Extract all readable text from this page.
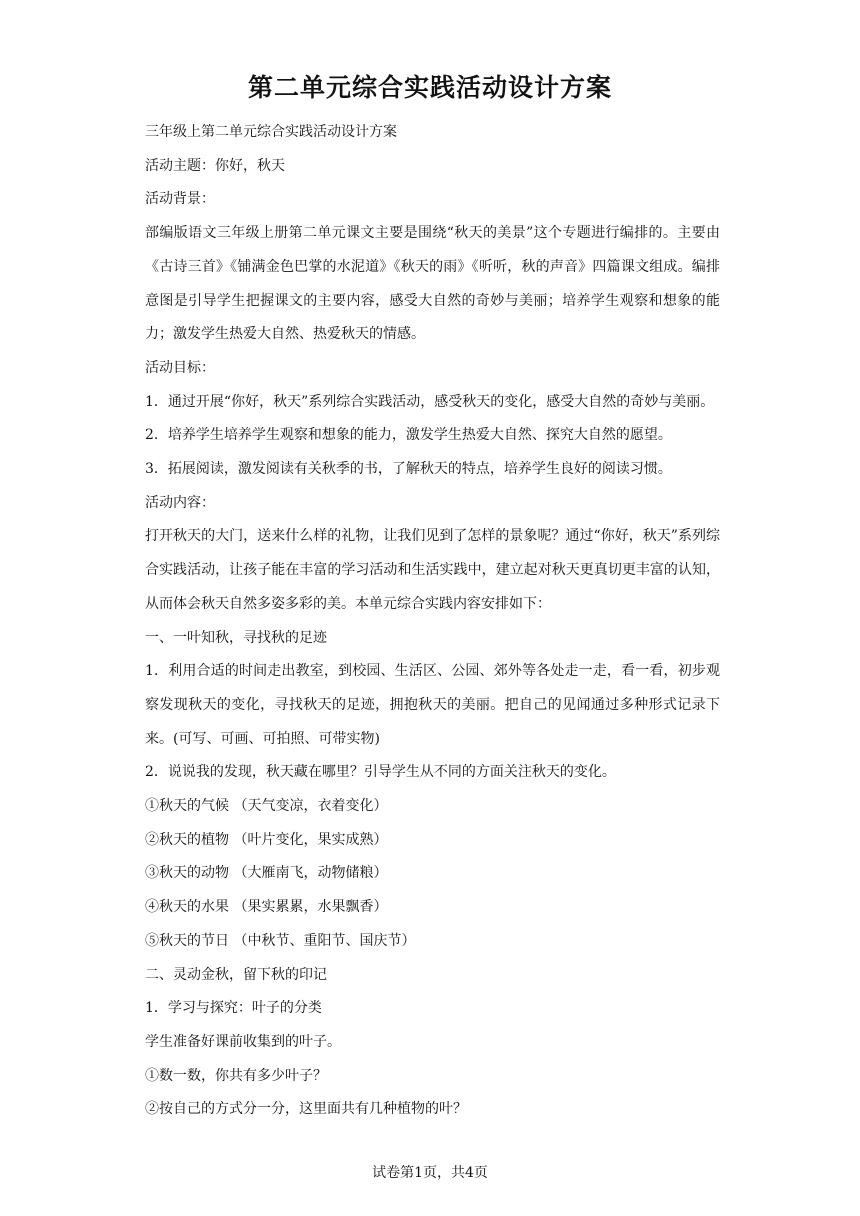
第二单元综合实践活动设计方案

三年级上第二单元综合实践活动设计方案

活动主题：你好，秋天

活动背景：

部编版语文三年级上册第二单元课文主要是围绕“秋天的美景”这个专题进行编排的。主要由《古诗三首》《铺满金色巴掌的水泥道》《秋天的雨》《听听，秋的声音》四篇课文组成。编排意图是引导学生把握课文的主要内容，感受大自然的奇妙与美丽；培养学生观察和想象的能力；激发学生热爱大自然、热爱秋天的情感。

活动目标：

1．通过开展“你好，秋天”系列综合实践活动，感受秋天的变化，感受大自然的奇妙与美丽。

2．培养学生培养学生观察和想象的能力，激发学生热爱大自然、探究大自然的愿望。

3．拓展阅读，激发阅读有关秋季的书，了解秋天的特点，培养学生良好的阅读习惯。

活动内容：

打开秋天的大门，送来什么样的礼物，让我们见到了怎样的景象呢？通过“你好，秋天”系列综合实践活动，让孩子能在丰富的学习活动和生活实践中，建立起对秋天更真切更丰富的认知，从而体会秋天自然多姿多彩的美。本单元综合实践内容安排如下：

一、一叶知秋，寻找秋的足迹

1．利用合适的时间走出教室，到校园、生活区、公园、郊外等各处走一走，看一看，初步观察发现秋天的变化，寻找秋天的足迹，拥抱秋天的美丽。把自己的见闻通过多种形式记录下来。(可写、可画、可拍照、可带实物)

2．说说我的发现，秋天藏在哪里？引导学生从不同的方面关注秋天的变化。

①秋天的气候 （天气变凉，衣着变化）

②秋天的植物 （叶片变化，果实成熟）

③秋天的动物 （大雁南飞，动物储粮）

④秋天的水果 （果实累累，水果飘香）

⑤秋天的节日 （中秋节、重阳节、国庆节）

二、灵动金秋，留下秋的印记

1．学习与探究：叶子的分类

学生准备好课前收集到的叶子。

①数一数，你共有多少叶子？

②按自己的方式分一分，这里面共有几种植物的叶？

试卷第1页，共4页
